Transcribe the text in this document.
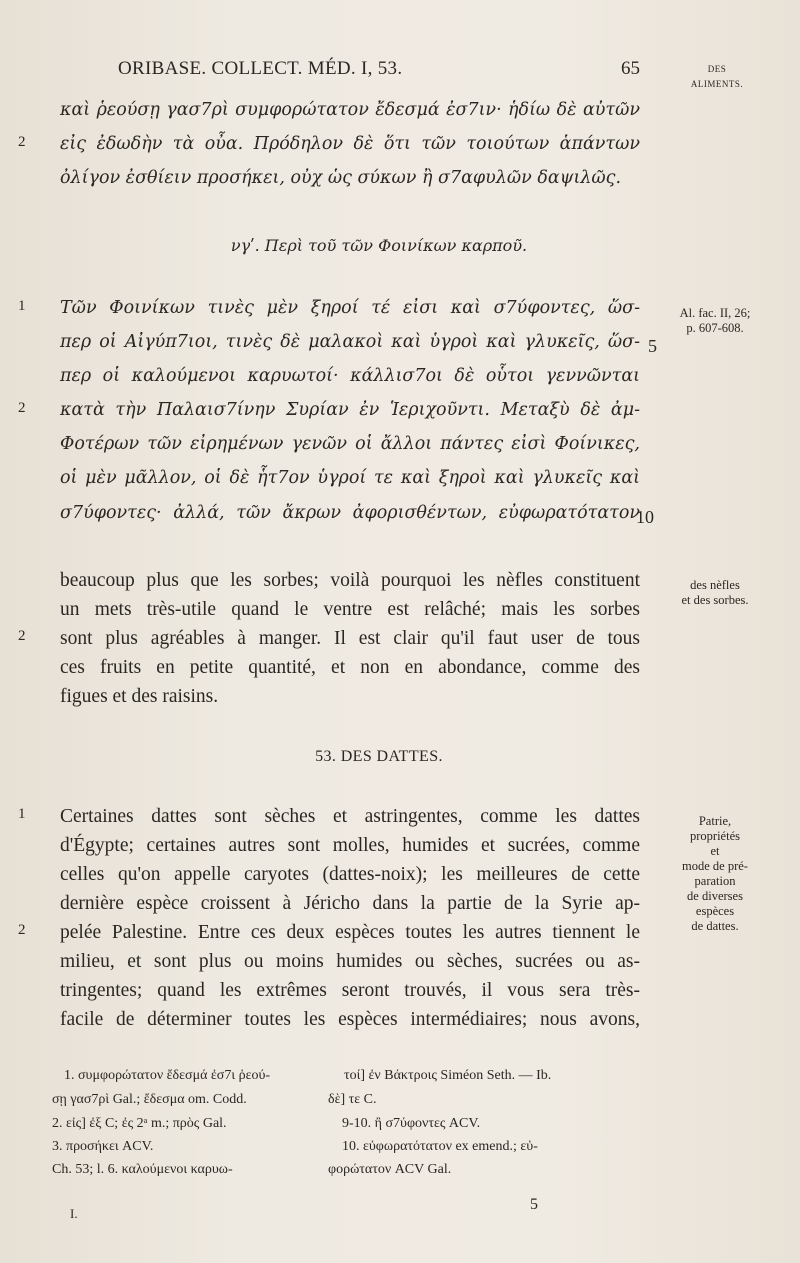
ORIBASE. COLLECT. MÉD. I, 53.	65	DES
ALIMENTS.
καὶ ῥεούσῃ γασ7ρὶ συμφορώτατον ἔδεσμά ἐσ7ιν· ἡδίω δὲ αὐτῶν
2 εἰς ἐδωδὴν τὰ οὖα. Πρόδηλον δὲ ὅτι τῶν τοιούτων ἁπάντων
ὀλίγον ἐσθίειν προσήκει, οὐχ ὡς σύκων ἢ σ7αφυλῶν δαψιλῶς.
νγʹ. Περὶ τοῦ τῶν Φοινίκων καρποῦ.
1 Τῶν Φοινίκων τινὲς μὲν ξηροί τέ εἰσι καὶ σ7ύφοντες, ὥσ-
περ οἱ Αἰγύπ7ιοι, τινὲς δὲ μαλακοὶ καὶ ὑγροὶ καὶ γλυκεῖς, ὥσ-
περ οἱ καλούμενοι καρυωτοί· κάλλισ7οι δὲ οὗτοι γεννῶνται
2 κατὰ τὴν Παλαισ7ίνην Συρίαν ἐν Ἱεριχοῦντι. Μεταξὺ δὲ ἀμ-
Φοτέρων τῶν εἰρημένων γενῶν οἱ ἄλλοι πάντες εἰσὶ Φοίνικες,
οἱ μὲν μᾶλλον, οἱ δὲ ἧτ7ον ὑγροί τε καὶ ξηροὶ καὶ γλυκεῖς καὶ
σ7ύφοντες· ἀλλά, τῶν ἄκρων ἀφορισθέντων, εὐφωρατότατον
5
10
Al. fac. II, 26;
p. 607-608.
beaucoup plus que les sorbes; voilà pourquoi les nèfles constituent
un mets très-utile quand le ventre est relâché; mais les sorbes
2 sont plus agréables à manger. Il est clair qu'il faut user de tous
ces fruits en petite quantité, et non en abondance, comme des
figues et des raisins.
des nèfles
et des sorbes.
53. DES DATTES.
1 Certaines dattes sont sèches et astringentes, comme les dattes
d'Égypte; certaines autres sont molles, humides et sucrées, comme
celles qu'on appelle caryotes (dattes-noix); les meilleures de cette
dernière espèce croissent à Jéricho dans la partie de la Syrie ap-
2 pelée Palestine. Entre ces deux espèces toutes les autres tiennent le
milieu, et sont plus ou moins humides ou sèches, sucrées ou as-
tringentes; quand les extrêmes seront trouvés, il vous sera très-
facile de déterminer toutes les espèces intermédiaires; nous avons,
Patrie,
propriétés
et
mode de pré-
paration
de diverses
espèces
de dattes.
1. συμφορώτατον ἔδεσμά ἐσ7ι ῥεού-
σῃ γασ7ρὶ Gal.; ἔδεσμα om. Codd.
2. εἰς] ἐξ C; ἐς 2ᵃ m.; πρὸς Gal.
3. προσήκει ACV.
Ch. 53; l. 6. καλούμενοι καρυω-
τοί] ἐν Βάκτροις Siméon Seth. — Ib.
δὲ] τε C.
9-10. ἢ σ7ύφοντες ACV.
10. εὐφωρατότατον ex emend.; εὐ-
φορώτατον ACV Gal.
I.
5
